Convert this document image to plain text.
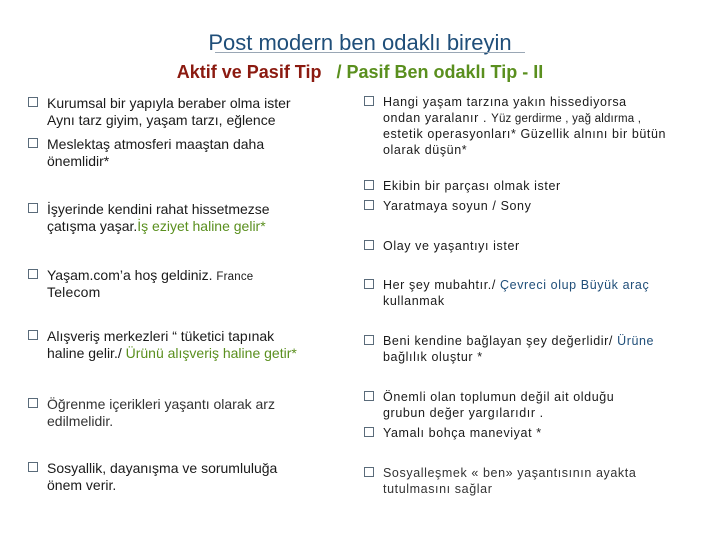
Post modern ben odaklı bireyin
Aktif ve Pasif Tip / Pasif Ben odaklı Tip - II
Kurumsal bir yapıyla beraber olma ister
Aynı tarz giyim, yaşam tarzı, eğlence
Meslektaş atmosferi maaştan daha
önemlidir*
İşyerinde kendini rahat hissetmezse
çatışma yaşar.İş eziyet haline gelir*
Yaşam.com’a hoş geldiniz. France
Telecom
Alışveriş merkezleri “ tüketici tapınak
haline gelir./ Ürünü alışveriş haline getir*
Öğrenme içerikleri yaşantı olarak arz
edilmelidir.
Sosyallik, dayanışma ve sorumluluğa
önem verir.
Hangi yaşam tarzına yakın hissediyorsa
ondan yaralanır . Yüz gerdirme , yağ aldırma ,
estetik operasyonları* Güzellik alnını bir bütün
olarak düşün*
Ekibin bir parçası olmak ister
Yaratmaya soyun / Sony
Olay ve yaşantıyı ister
Her şey mubahtır./ Çevreci olup Büyük araç
kullanmak
Beni kendine bağlayan şey değerlidir/ Ürüne
bağlılık oluştur *
Önemli olan toplumun değil ait olduğu
grubun değer yargılarıdır .
Yamalı bohça maneviyat *
Sosyalleşmek « ben» yaşantısının ayakta
tutulmasını sağlar
